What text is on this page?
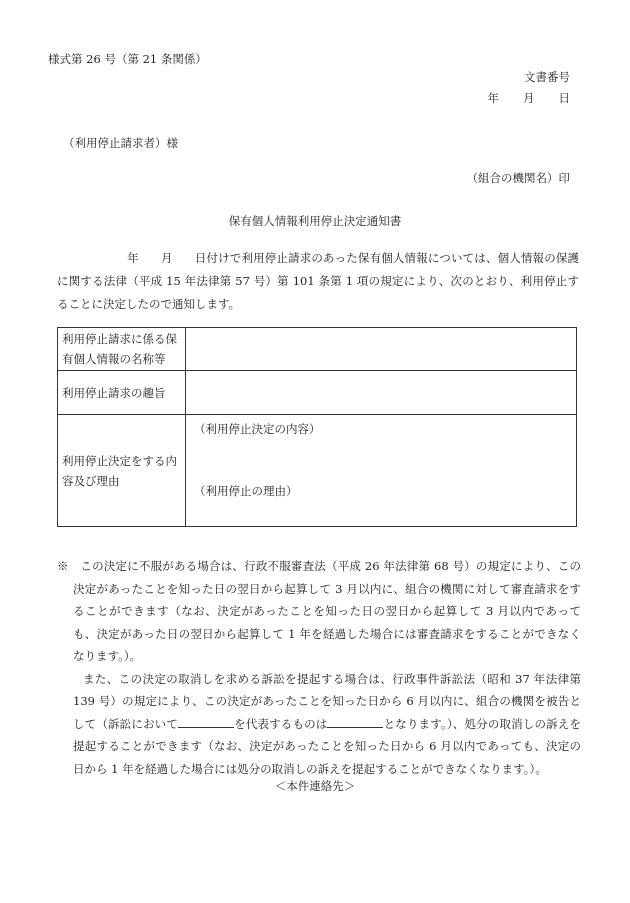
様式第 26 号（第 21 条関係）
文書番号
年 月 日
（利用停止請求者）様
（組合の機関名）印
保有個人情報利用停止決定通知書

年 月 日付けで利用停止請求のあった保有個人情報については、個人情報の保護に関する法律（平成 15 年法律第 57 号）第 101 条第 1 項の規定により、次のとおり、利用停止することに決定したので通知します。

利用停止請求に係る保有個人情報の名称等	
利用停止請求の趣旨	
利用停止決定をする内容及び理由	（利用停止決定の内容）
（利用停止の理由）

※　この決定に不服がある場合は、行政不服審査法（平成 26 年法律第 68 号）の規定により、この決定があったことを知った日の翌日から起算して 3 月以内に、組合の機関に対して審査請求をすることができます（なお、決定があったことを知った日の翌日から起算して 3 月以内であっても、決定があった日の翌日から起算して 1 年を経過した場合には審査請求をすることができなくなります。）。

また、この決定の取消しを求める訴訟を提起する場合は、行政事件訴訟法（昭和 37 年法律第 139 号）の規定により、この決定があったことを知った日から 6 月以内に、組合の機関を被告として（訴訟において	を代表するものは	となります。）、処分の取消しの訴えを提起することができます（なお、決定があったことを知った日から 6 月以内であっても、決定の日から 1 年を経過した場合には処分の取消しの訴えを提起することができなくなります。）。

＜本件連絡先＞
